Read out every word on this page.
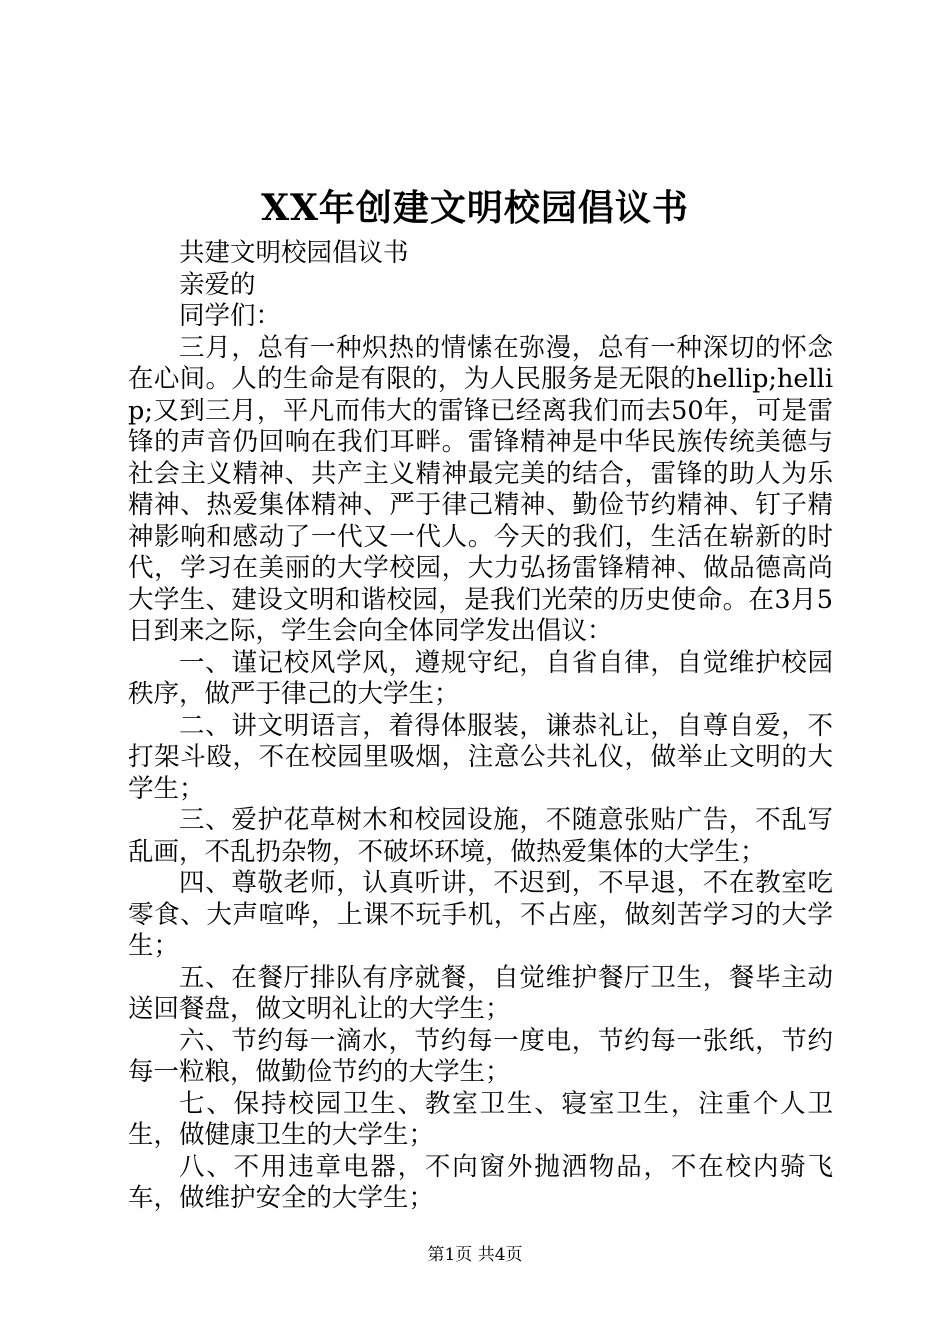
XX年创建文明校园倡议书

共建文明校园倡议书

亲爱的

同学们：

三月，总有一种炽热的情愫在弥漫，总有一种深切的怀念在心间。人的生命是有限的，为人民服务是无限的hellip;hellip;又到三月，平凡而伟大的雷锋已经离我们而去50年，可是雷锋的声音仍回响在我们耳畔。雷锋精神是中华民族传统美德与社会主义精神、共产主义精神最完美的结合，雷锋的助人为乐精神、热爱集体精神、严于律己精神、勤俭节约精神、钉子精神影响和感动了一代又一代人。今天的我们，生活在崭新的时代，学习在美丽的大学校园，大力弘扬雷锋精神、做品德高尚大学生、建设文明和谐校园，是我们光荣的历史使命。在3月5日到来之际，学生会向全体同学发出倡议：

一、谨记校风学风，遵规守纪，自省自律，自觉维护校园秩序，做严于律己的大学生；

二、讲文明语言，着得体服装，谦恭礼让，自尊自爱，不打架斗殴，不在校园里吸烟，注意公共礼仪，做举止文明的大学生；

三、爱护花草树木和校园设施，不随意张贴广告，不乱写乱画，不乱扔杂物，不破坏环境，做热爱集体的大学生；

四、尊敬老师，认真听讲，不迟到，不早退，不在教室吃零食、大声喧哗，上课不玩手机，不占座，做刻苦学习的大学生；

五、在餐厅排队有序就餐，自觉维护餐厅卫生，餐毕主动送回餐盘，做文明礼让的大学生；

六、节约每一滴水，节约每一度电，节约每一张纸，节约每一粒粮，做勤俭节约的大学生；

七、保持校园卫生、教室卫生、寝室卫生，注重个人卫生，做健康卫生的大学生；

八、不用违章电器，不向窗外抛洒物品，不在校内骑飞车，做维护安全的大学生；

第1页 共4页
